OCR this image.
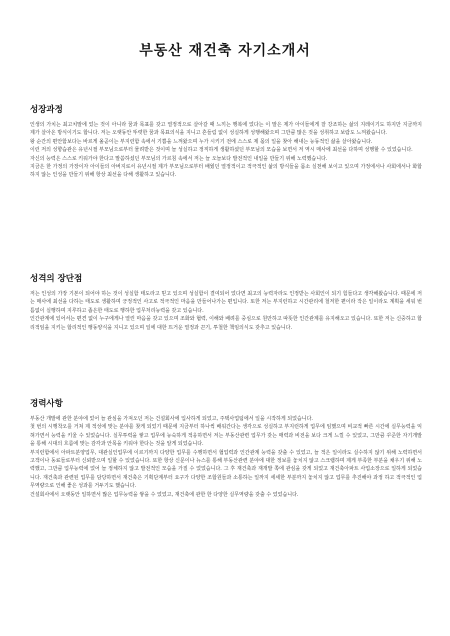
부동산 재건축 자기소개서
성장과정

인생의 가치는 최고치말에 었는 것이 아니라 꿈과 목표를 갖고 열정적으로 살아갈 때 느끼는 행복에 었다는 이 말은 제가 아이들에게 잘 강조하는 삶의 지레이기도 하지만 지금까지 제가 살아온 방식이기도 합니다. 저는 오랫동안 뚜렷한 꿈과 목표의식을 지니고 흔들림 없이 성실하게 성행해왔으며 그만큼 많은 것을 성취하고 보람도 느껴왔습니다.

왕 순간의 편안함보다는 바르게 올곧이는 부지런함 속에서 기쁨을 느껴왔으며 누가 시키기 전에 스스로 제 몫의 일을 찾아 해내는 능동적인 삶을 살아왔습니다.

이런 저의 성향습관은 유년시절 부모님으로부터 물려받은 것이며 늘 성실하고 정직하게 생활하셨던 부모님의 모습을 보면서 저 역시 매사에 최선을 다하며 성행할 수 있었습니다.

자신의 능력은 스스로 키워가야 한다고 말씀하셨던 부모님의 가르침 속에서 저는 늘 오늘보다 발전적인 내일을 만들기 위해 노력했습니다.

지금은 한 가정의 가장이자 아이들의 아버지로서 유년시절 제가 부모님으로부터 배웠던 열정적이고 적극적인 삶의 방식들을 몸소 실천해 보이고 있으며 가정에서나 사회에서나 화합하지 않는 인성을 만들기 위해 항상 최선을 다해 생활하고 있습니다.

성격의 장단점

저는 인성의 가장 기본이 되어야 하는 것이 성실함 태도라고 믿고 있으며 성실함이 결여되어 었다면 최고의 능력자라도 인정받는 사회인이 되기 힘들다고 생각해왔습니다. 때문에 저는 매사에 최선을 다하는 태도로 생활하며 긍정적인 사고로 적극적인 마음을 만들어나가는 편입니다. 또한 저는 부지런하고 시간관리에 철저한 편이라 작은 일이라도 계획을 세워 번틈없이 실행하며 지루하고 좁은한 태도로 행하한 업무처리능력을 갖고 있습니다.

인간관계에 있어서는 편견 없이 누구에게나 열린 마음을 갖고 있으며 조화와 협력, 이해와 배려를 중심으로 원만하고 따뜻한 인간관계를 유지해오고 있습니다. 또한 저는 신중하고 합리적임을 지키는 합리적인 행동양식을 지니고 있으며 일에 대한 뜨거운 열정과 끈기, 투철한 책임의식도 갖추고 있습니다.

경력사항

부동산 개발에 관한 분야에 었어 늘 관심을 가져오던 저는 건설회사에 입사하게 되었고, 주택사업팀에서 일을 시작하게 되었습니다.

첫 번의 시행착오를 거쳐 제 적성에 맞는 분야를 찾게 되었기 때문에 지금부터 하나씩 배워간다는 생각으로 성실하고 부지런하게 업무에 임했으며 비교적 빠른 시간에 실무능력을 익혀가면서 능력을 키울 수 있었습니다. 실무투력을 쌓고 업무에 능숙하게 적응하면서 저는 부동산관련 업무가 갖는 매력과 비전을 보다 크게 느낄 수 있었고, 그만큼 꾸준한 자기개발을 통해 시대의 흐름에 맞는 감각과 안목을 키워야 한다는 것을 알게 되었습니다.

부지런함에서 아파트분양업무, 대관실인업무에 이르기까지 다양한 업무를 수행하면서 협업력과 인간관계 능력을 갖출 수 있었고, 늘 적은 일이라도 실수하지 않기 위해 노력하면서 고객이나 동료들로부터 신뢰받으며 일할 수 있었습니다. 또한 항상 신문이나 뉴스를 통해 부동산관련 분야에 대한 정보를 놓치지 않고 스크랩하며 제게 부족한 부분을 채우기 위해 노력했고, 그만큼 업무능력에 었어 늘 정체하지 않고 발전적인 모습을 가질 수 었었습니다. 그 후 재건축과 재개발 쪽에 관심을 갖게 되었고 재건축아파트 사업소장으로 일하게 되었습니다. 재건축과 관련된 업무를 담당하면서 재건축은 기획단계부터 요구가 다양한 조합원들과 소통하는 일까지 세세한 부분까지 놓치지 않고 업무를 추진해야 과정 하고 적극적인 업무역량으로 인해 좋은 성과를 거두기도 했습니다.

건설회사에서 오랫동안 일하면서 많은 업무능력을 쌓을 수 었었고, 재건축에 관한 한 다양한 실무역량을 갖출 수 었었습니다.
